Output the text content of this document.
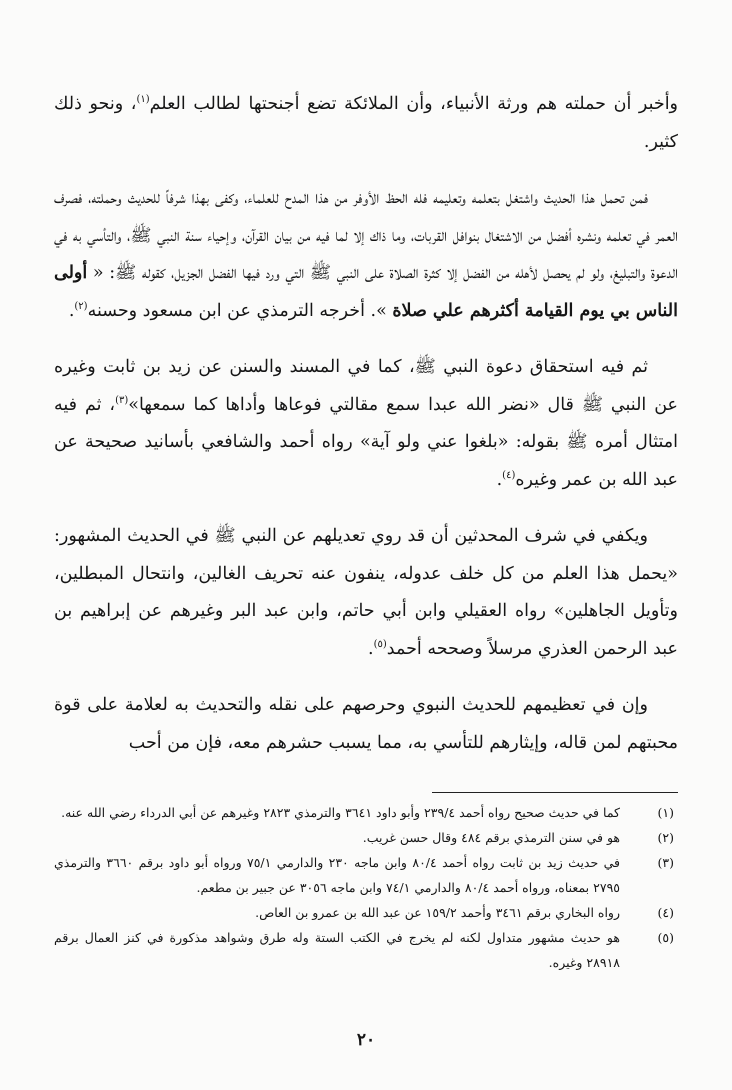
وأخبر أن حملته هم ورثة الأنبياء، وأن الملائكة تضع أجنحتها لطالب العلم$^{(١)}$، ونحو ذلك كثير.

فمن تحمل هذا الحديث واشتغل بتعلمه وتعليمه فله الحظ الأوفر من هذا المدح للعلماء، وكفى بهذا شرفاً للحديث وحملته، فصرف العمر في تعلمه ونشره أفضل من الاشتغال بنوافل القربات، وما ذاك إلا لما فيه من بيان القرآن، وإحياء سنة النبي ﷺ، والتأسي به في الدعوة والتبليغ، ولو لم يحصل لأهله من الفضل إلا كثرة الصلاة على النبي ﷺ التي ورد فيها الفضل الجزيل، كقوله ﷺ: « أولى الناس بي يوم القيامة أكثرهم علي صلاة ». أخرجه الترمذي عن ابن مسعود وحسنه$^{(٢)}$.

ثم فيه استحقاق دعوة النبي ﷺ، كما في المسند والسنن عن زيد بن ثابت وغيره عن النبي ﷺ قال «نضر الله عبدا سمع مقالتي فوعاها وأداها كما سمعها»$^{(٣)}$، ثم فيه امتثال أمره ﷺ بقوله: «بلغوا عني ولو آية» رواه أحمد والشافعي بأسانيد صحيحة عن عبد الله بن عمر وغيره$^{(٤)}$.

ويكفي في شرف المحدثين أن قد روي تعديلهم عن النبي ﷺ في الحديث المشهور: «يحمل هذا العلم من كل خلف عدوله، ينفون عنه تحريف الغالين، وانتحال المبطلين، وتأويل الجاهلين» رواه العقيلي وابن أبي حاتم، وابن عبد البر وغيرهم عن إبراهيم بن عبد الرحمن العذري مرسلاً وصححه أحمد$^{(٥)}$.

وإن في تعظيمهم للحديث النبوي وحرصهم على نقله والتحديث به لعلامة على قوة محبتهم لمن قاله، وإيثارهم للتأسي به، مما يسبب حشرهم معه، فإن من أحب

(١)
كما في حديث صحيح رواه أحمد ٢٣٩/٤ وأبو داود ٣٦٤١ والترمذي ٢٨٢٣ وغيرهم عن أبي الدرداء رضي الله عنه.
(٢)
هو في سنن الترمذي برقم ٤٨٤ وقال حسن غريب.
(٣)
في حديث زيد بن ثابت رواه أحمد ٨٠/٤ وابن ماجه ٢٣٠ والدارمي ٧٥/١ ورواه أبو داود برقم ٣٦٦٠ والترمذي ٢٧٩٥ بمعناه، ورواه أحمد ٨٠/٤ والدارمي ٧٤/١ وابن ماجه ٣٠٥٦ عن جبير بن مطعم.
(٤)
رواه البخاري برقم ٣٤٦١ وأحمد ١٥٩/٢ عن عبد الله بن عمرو بن العاص.
(٥)
هو حديث مشهور متداول لكنه لم يخرج في الكتب الستة وله طرق وشواهد مذكورة في كنز العمال برقم ٢٨٩١٨ وغيره.
٢٠
